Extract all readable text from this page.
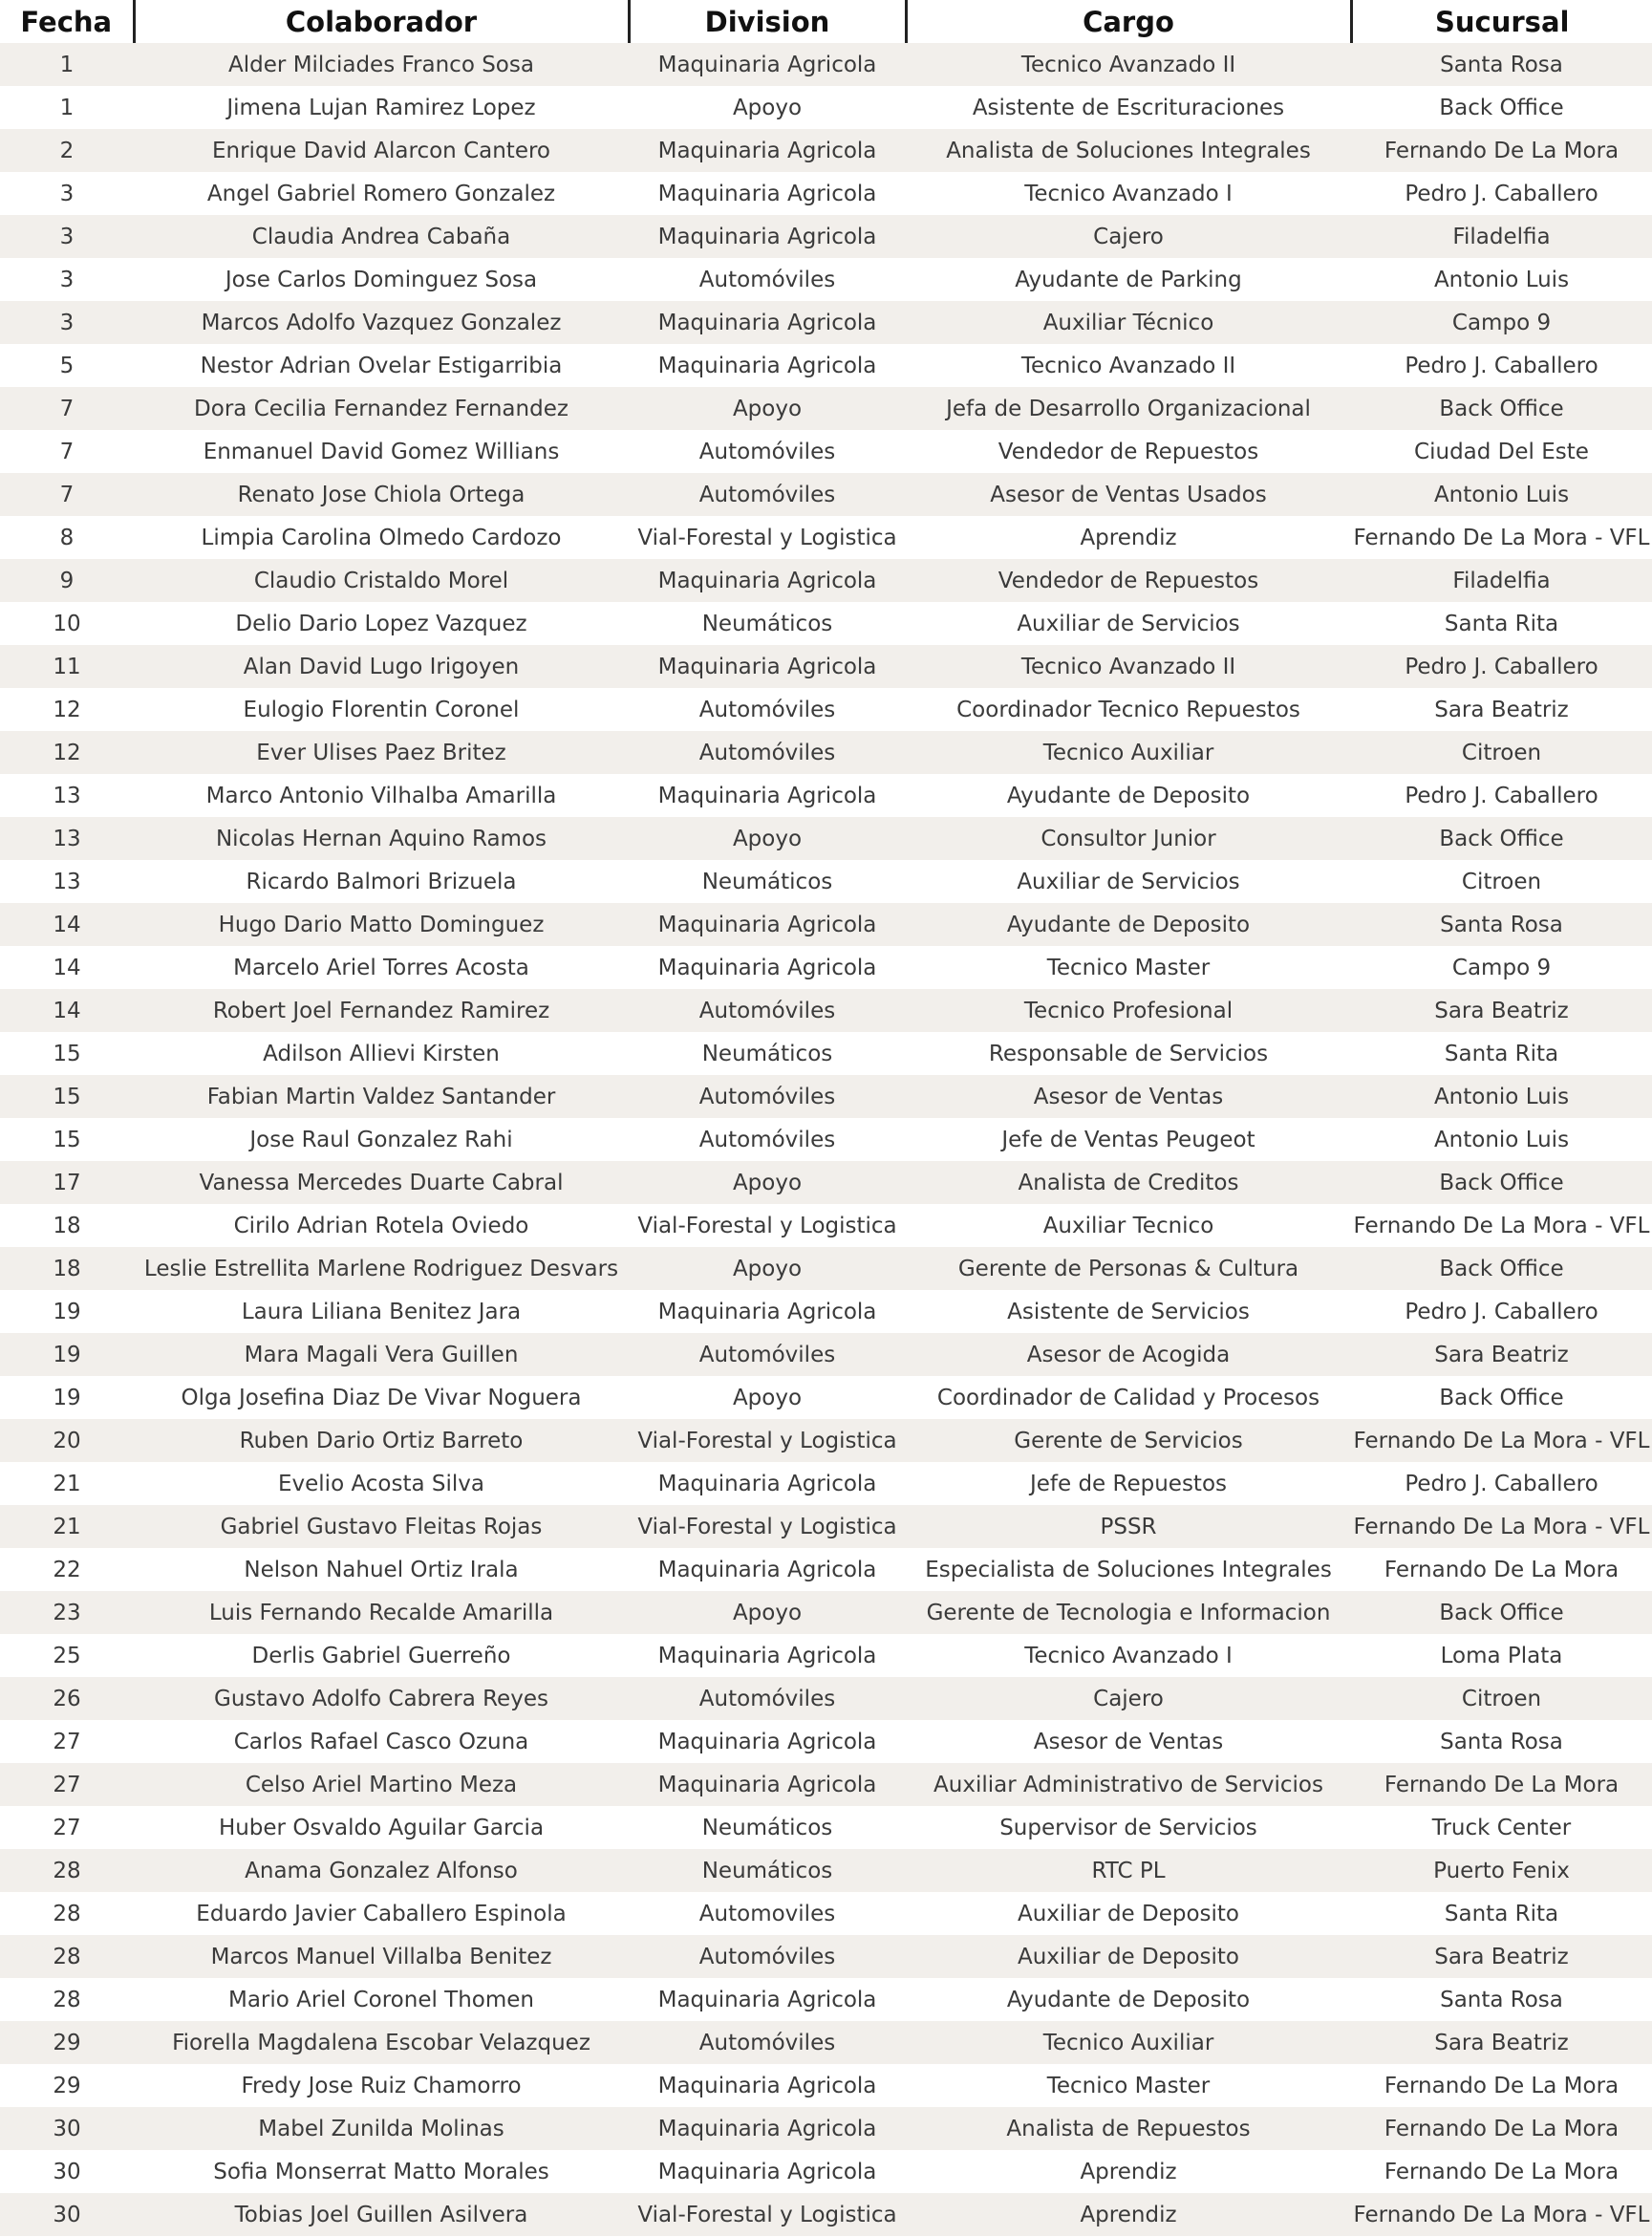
Fecha	Colaborador	Division	Cargo	Sucursal
1	Alder Milciades Franco Sosa	Maquinaria Agricola	Tecnico Avanzado II	Santa Rosa
1	Jimena Lujan Ramirez Lopez	Apoyo	Asistente de Escrituraciones	Back Office
2	Enrique David Alarcon Cantero	Maquinaria Agricola	Analista de Soluciones Integrales	Fernando De La Mora
3	Angel Gabriel Romero Gonzalez	Maquinaria Agricola	Tecnico Avanzado I	Pedro J. Caballero
3	Claudia Andrea Cabaña	Maquinaria Agricola	Cajero	Filadelfia
3	Jose Carlos Dominguez Sosa	Automóviles	Ayudante de Parking	Antonio Luis
3	Marcos Adolfo Vazquez Gonzalez	Maquinaria Agricola	Auxiliar Técnico	Campo 9
5	Nestor Adrian Ovelar Estigarribia	Maquinaria Agricola	Tecnico Avanzado II	Pedro J. Caballero
7	Dora Cecilia Fernandez Fernandez	Apoyo	Jefa de Desarrollo Organizacional	Back Office
7	Enmanuel David Gomez Willians	Automóviles	Vendedor de Repuestos	Ciudad Del Este
7	Renato Jose Chiola Ortega	Automóviles	Asesor de Ventas Usados	Antonio Luis
8	Limpia Carolina Olmedo Cardozo	Vial-Forestal y Logistica	Aprendiz	Fernando De La Mora - VFL
9	Claudio Cristaldo Morel	Maquinaria Agricola	Vendedor de Repuestos	Filadelfia
10	Delio Dario Lopez Vazquez	Neumáticos	Auxiliar de Servicios	Santa Rita
11	Alan David Lugo Irigoyen	Maquinaria Agricola	Tecnico Avanzado II	Pedro J. Caballero
12	Eulogio Florentin Coronel	Automóviles	Coordinador Tecnico Repuestos	Sara Beatriz
12	Ever Ulises Paez Britez	Automóviles	Tecnico Auxiliar	Citroen
13	Marco Antonio Vilhalba Amarilla	Maquinaria Agricola	Ayudante de Deposito	Pedro J. Caballero
13	Nicolas Hernan Aquino Ramos	Apoyo	Consultor Junior	Back Office
13	Ricardo Balmori Brizuela	Neumáticos	Auxiliar de Servicios	Citroen
14	Hugo Dario Matto Dominguez	Maquinaria Agricola	Ayudante de Deposito	Santa Rosa
14	Marcelo Ariel Torres Acosta	Maquinaria Agricola	Tecnico Master	Campo 9
14	Robert Joel Fernandez Ramirez	Automóviles	Tecnico Profesional	Sara Beatriz
15	Adilson Allievi Kirsten	Neumáticos	Responsable de Servicios	Santa Rita
15	Fabian Martin Valdez Santander	Automóviles	Asesor de Ventas	Antonio Luis
15	Jose Raul Gonzalez Rahi	Automóviles	Jefe de Ventas Peugeot	Antonio Luis
17	Vanessa Mercedes Duarte Cabral	Apoyo	Analista de Creditos	Back Office
18	Cirilo Adrian Rotela Oviedo	Vial-Forestal y Logistica	Auxiliar Tecnico	Fernando De La Mora - VFL
18	Leslie Estrellita Marlene Rodriguez Desvars	Apoyo	Gerente de Personas & Cultura	Back Office
19	Laura Liliana Benitez Jara	Maquinaria Agricola	Asistente de Servicios	Pedro J. Caballero
19	Mara Magali Vera Guillen	Automóviles	Asesor de Acogida	Sara Beatriz
19	Olga Josefina Diaz De Vivar Noguera	Apoyo	Coordinador de Calidad y Procesos	Back Office
20	Ruben Dario Ortiz Barreto	Vial-Forestal y Logistica	Gerente de Servicios	Fernando De La Mora - VFL
21	Evelio Acosta Silva	Maquinaria Agricola	Jefe de Repuestos	Pedro J. Caballero
21	Gabriel Gustavo Fleitas Rojas	Vial-Forestal y Logistica	PSSR	Fernando De La Mora - VFL
22	Nelson Nahuel Ortiz Irala	Maquinaria Agricola	Especialista de Soluciones Integrales	Fernando De La Mora
23	Luis Fernando Recalde Amarilla	Apoyo	Gerente de Tecnologia e Informacion	Back Office
25	Derlis Gabriel Guerreño	Maquinaria Agricola	Tecnico Avanzado I	Loma Plata
26	Gustavo Adolfo Cabrera Reyes	Automóviles	Cajero	Citroen
27	Carlos Rafael Casco Ozuna	Maquinaria Agricola	Asesor de Ventas	Santa Rosa
27	Celso Ariel Martino Meza	Maquinaria Agricola	Auxiliar Administrativo de Servicios	Fernando De La Mora
27	Huber Osvaldo Aguilar Garcia	Neumáticos	Supervisor de Servicios	Truck Center
28	Anama Gonzalez Alfonso	Neumáticos	RTC PL	Puerto Fenix
28	Eduardo Javier Caballero Espinola	Automoviles	Auxiliar de Deposito	Santa Rita
28	Marcos Manuel Villalba Benitez	Automóviles	Auxiliar de Deposito	Sara Beatriz
28	Mario Ariel Coronel Thomen	Maquinaria Agricola	Ayudante de Deposito	Santa Rosa
29	Fiorella Magdalena Escobar Velazquez	Automóviles	Tecnico Auxiliar	Sara Beatriz
29	Fredy Jose Ruiz Chamorro	Maquinaria Agricola	Tecnico Master	Fernando De La Mora
30	Mabel Zunilda Molinas	Maquinaria Agricola	Analista de Repuestos	Fernando De La Mora
30	Sofia Monserrat Matto Morales	Maquinaria Agricola	Aprendiz	Fernando De La Mora
30	Tobias Joel Guillen Asilvera	Vial-Forestal y Logistica	Aprendiz	Fernando De La Mora - VFL
